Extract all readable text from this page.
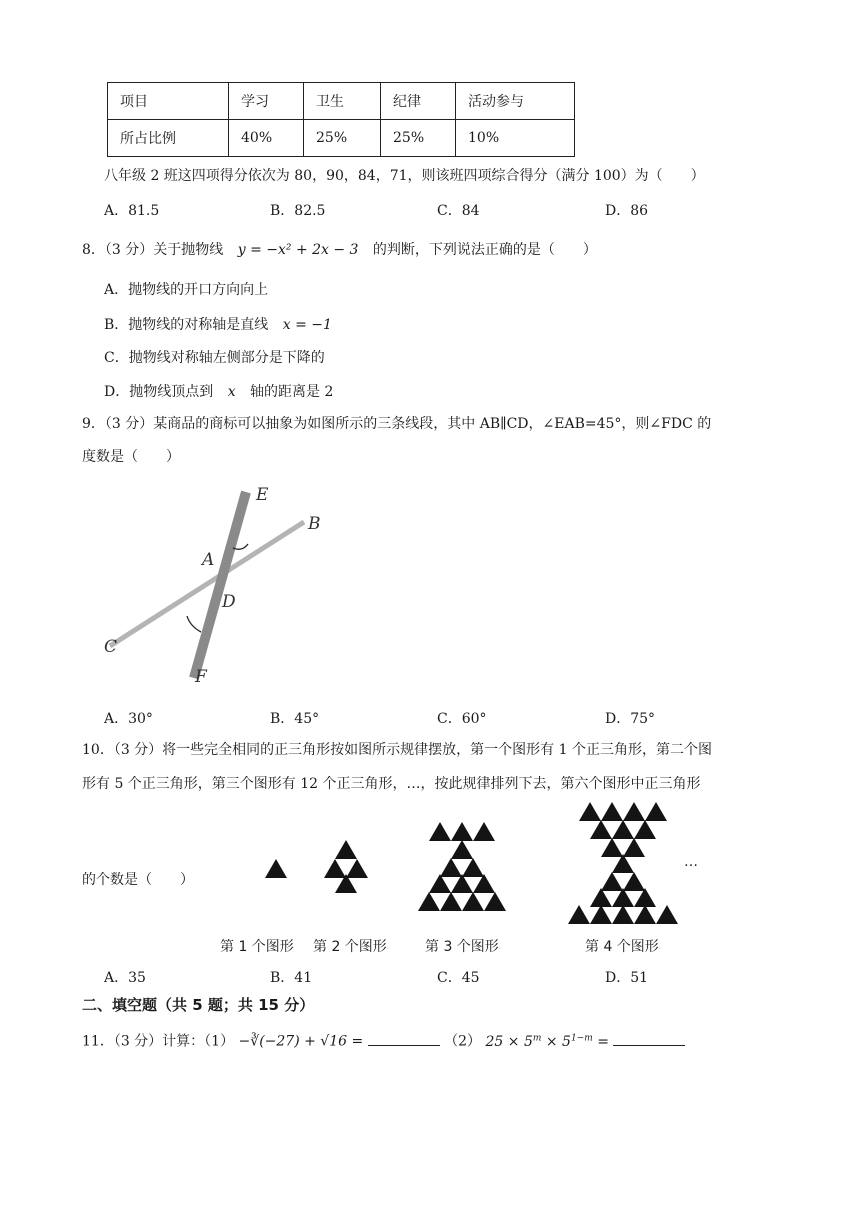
项目	学习	卫生	纪律	活动参与
所占比例	40%	25%	25%	10%
八年级 2 班这四项得分依次为 80，90，84，71，则该班四项综合得分（满分 100）为（　　）
A．81.5	B．82.5	C．84	D．86
8．（3 分）关于抛物线 y = −x² + 2x − 3 的判断，下列说法正确的是（　　）
A．抛物线的开口方向向上
B．抛物线的对称轴是直线 x = −1
C．抛物线对称轴左侧部分是下降的
D．抛物线顶点到 x 轴的距离是 2
9．（3 分）某商品的商标可以抽象为如图所示的三条线段，其中 AB∥CD，∠EAB=45°，则∠FDC 的
度数是（　　）
E
B
A
D
C
F
A．30°	B．45°	C．60°	D．75°
10．（3 分）将一些完全相同的正三角形按如图所示规律摆放，第一个图形有 1 个正三角形，第二个图
形有 5 个正三角形，第三个图形有 12 个正三角形，…，按此规律排列下去，第六个图形中正三角形
的个数是（　　）
…
第 1 个图形 第 2 个图形	第 3 个图形	第 4 个图形
A．35	B．41	C．45	D．51
二、填空题（共 5 题；共 15 分）
11．（3 分）计算：（1） −∛(−27) + √16 =	（2） $25 \times 5^m \times 5^{1-m}$ =
